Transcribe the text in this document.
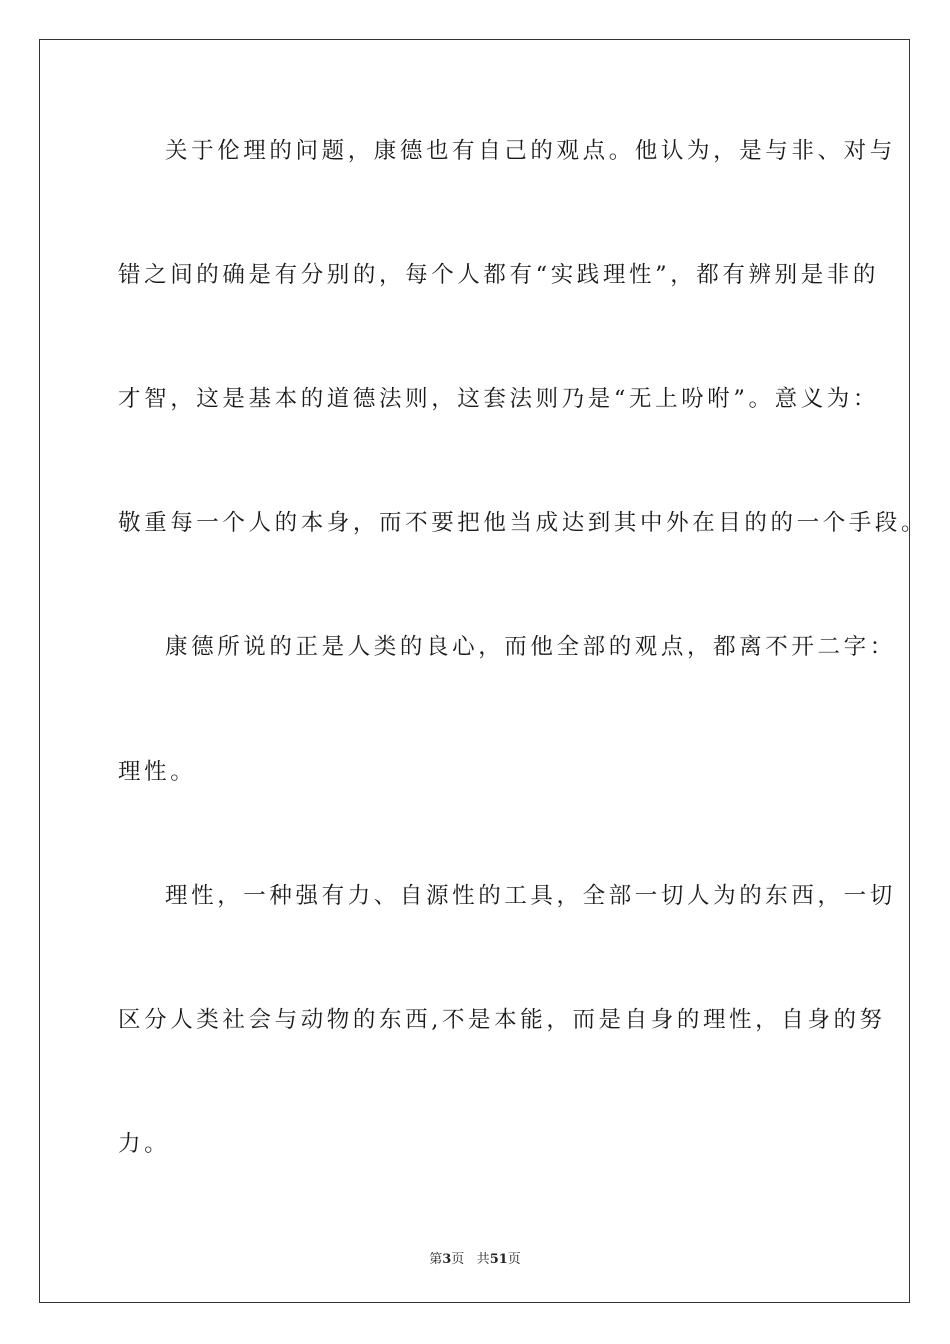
关于伦理的问题，康德也有自己的观点。他认为，是与非、对与
错之间的确是有分别的，每个人都有“实践理性”，都有辨别是非的
才智，这是基本的道德法则，这套法则乃是“无上吩咐”。意义为：
敬重每一个人的本身，而不要把他当成达到其中外在目的的一个手段。
康德所说的正是人类的良心，而他全部的观点，都离不开二字：
理性。
理性，一种强有力、自源性的工具，全部一切人为的东西，一切
区分人类社会与动物的东西,不是本能，而是自身的理性，自身的努
力。
第3页 共51页
